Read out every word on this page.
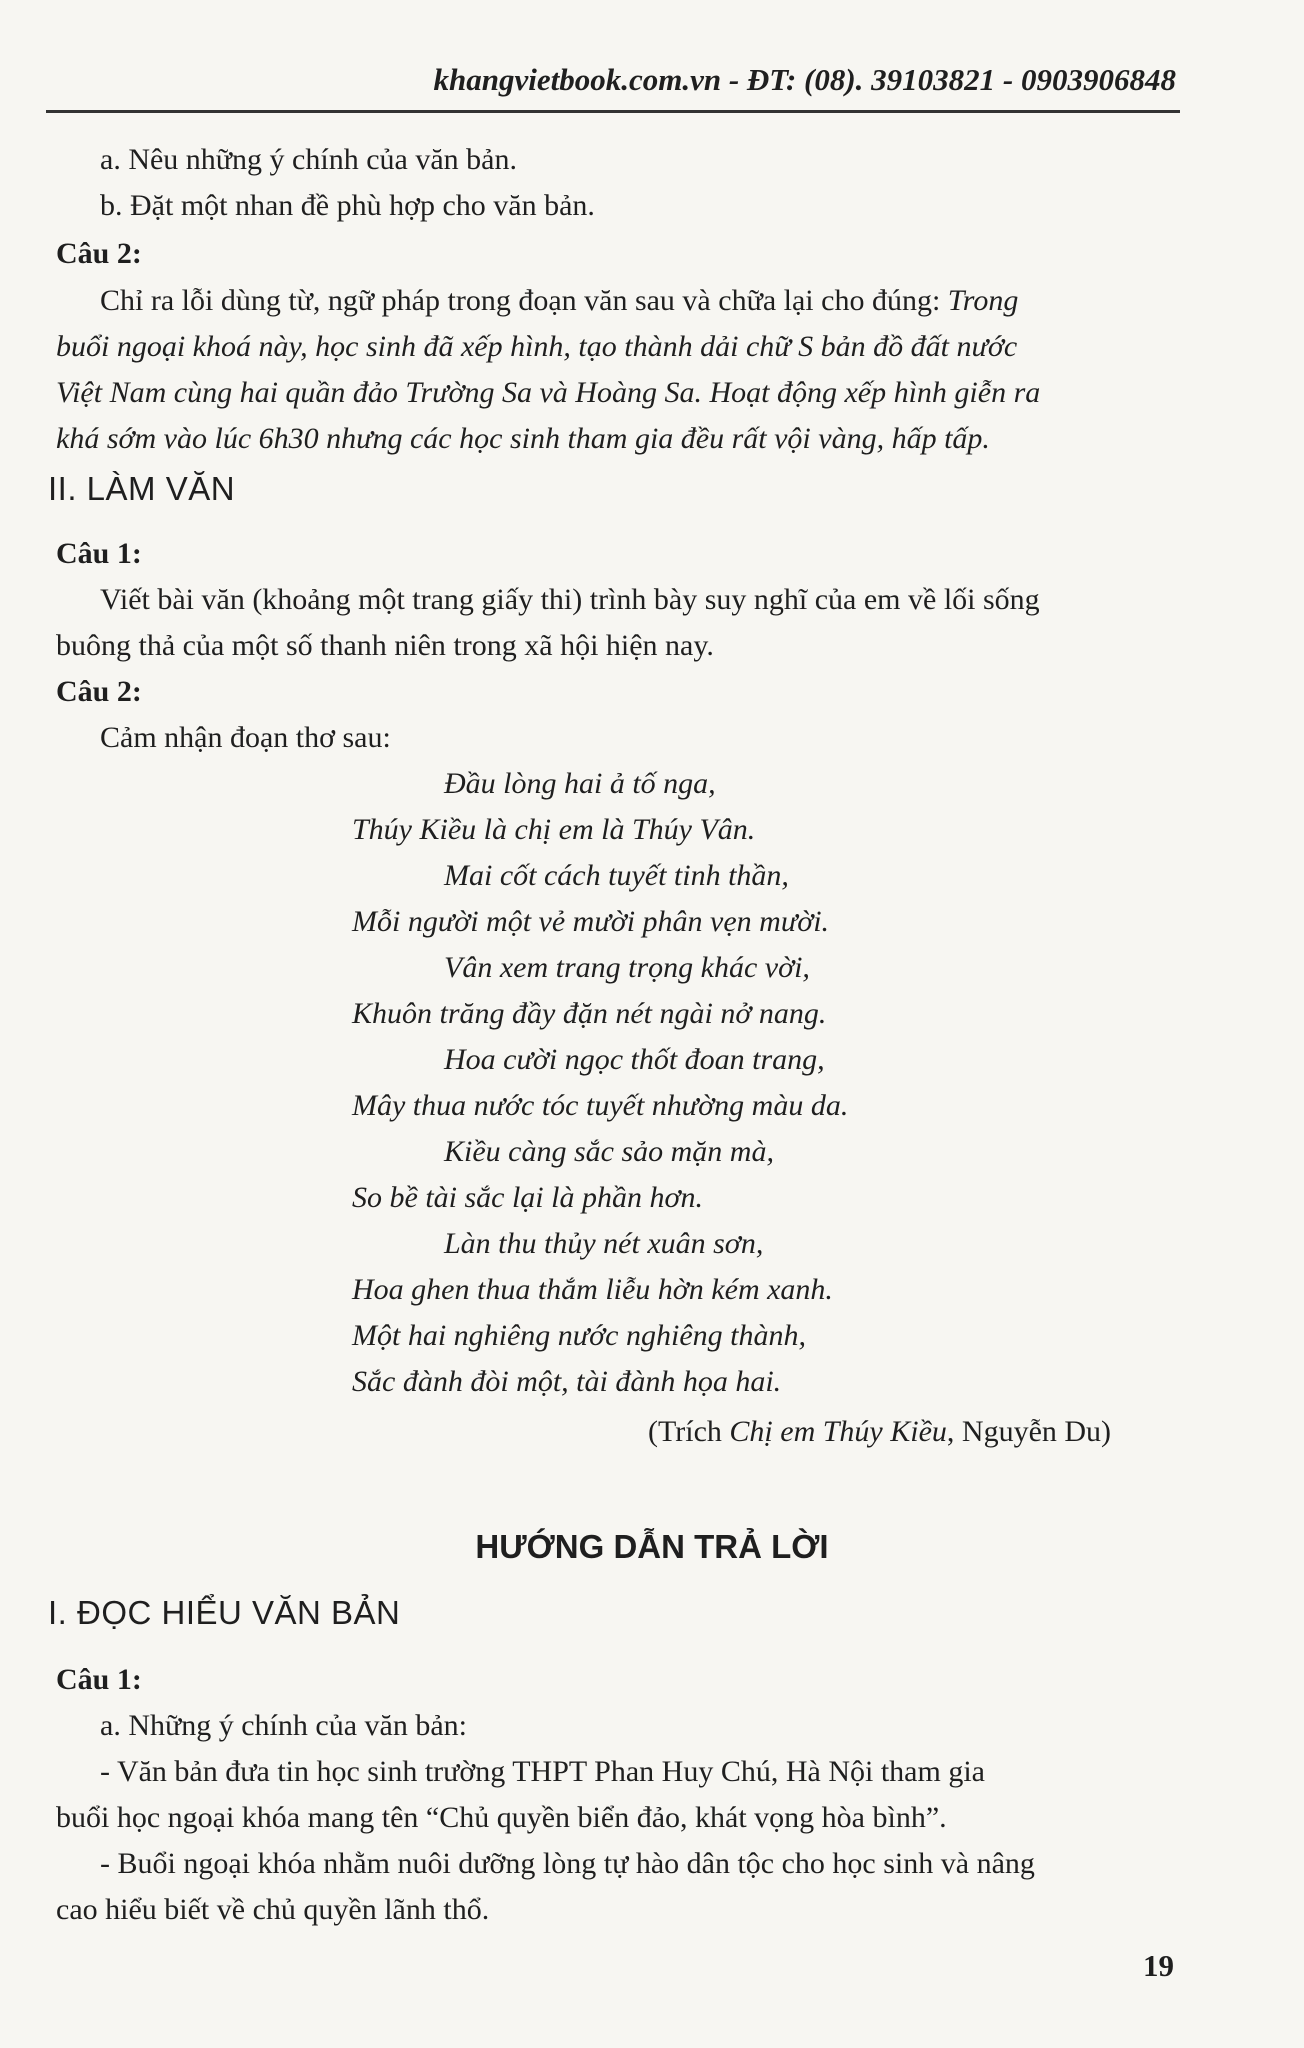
khangvietbook.com.vn - ĐT: (08). 39103821 - 0903906848
a. Nêu những ý chính của văn bản.
b. Đặt một nhan đề phù hợp cho văn bản.
Câu 2:
Chỉ ra lỗi dùng từ, ngữ pháp trong đoạn văn sau và chữa lại cho đúng: Trong
buổi ngoại khoá này, học sinh đã xếp hình, tạo thành dải chữ S bản đồ đất nước
Việt Nam cùng hai quần đảo Trường Sa và Hoàng Sa. Hoạt động xếp hình giễn ra
khá sớm vào lúc 6h30 nhưng các học sinh tham gia đều rất vội vàng, hấp tấp.
II. LÀM VĂN
Câu 1:
Viết bài văn (khoảng một trang giấy thi) trình bày suy nghĩ của em về lối sống
buông thả của một số thanh niên trong xã hội hiện nay.
Câu 2:
Cảm nhận đoạn thơ sau:
Đầu lòng hai ả tố nga,
Thúy Kiều là chị em là Thúy Vân.
Mai cốt cách tuyết tinh thần,
Mỗi người một vẻ mười phân vẹn mười.
Vân xem trang trọng khác vời,
Khuôn trăng đầy đặn nét ngài nở nang.
Hoa cười ngọc thốt đoan trang,
Mây thua nước tóc tuyết nhường màu da.
Kiều càng sắc sảo mặn mà,
So bề tài sắc lại là phần hơn.
Làn thu thủy nét xuân sơn,
Hoa ghen thua thắm liễu hờn kém xanh.
Một hai nghiêng nước nghiêng thành,
Sắc đành đòi một, tài đành họa hai.
(Trích Chị em Thúy Kiều, Nguyễn Du)
HƯỚNG DẪN TRẢ LỜI
I. ĐỌC HIỂU VĂN BẢN
Câu 1:
a. Những ý chính của văn bản:
- Văn bản đưa tin học sinh trường THPT Phan Huy Chú, Hà Nội tham gia
buổi học ngoại khóa mang tên “Chủ quyền biển đảo, khát vọng hòa bình”.
- Buổi ngoại khóa nhằm nuôi dưỡng lòng tự hào dân tộc cho học sinh và nâng
cao hiểu biết về chủ quyền lãnh thổ.
19
